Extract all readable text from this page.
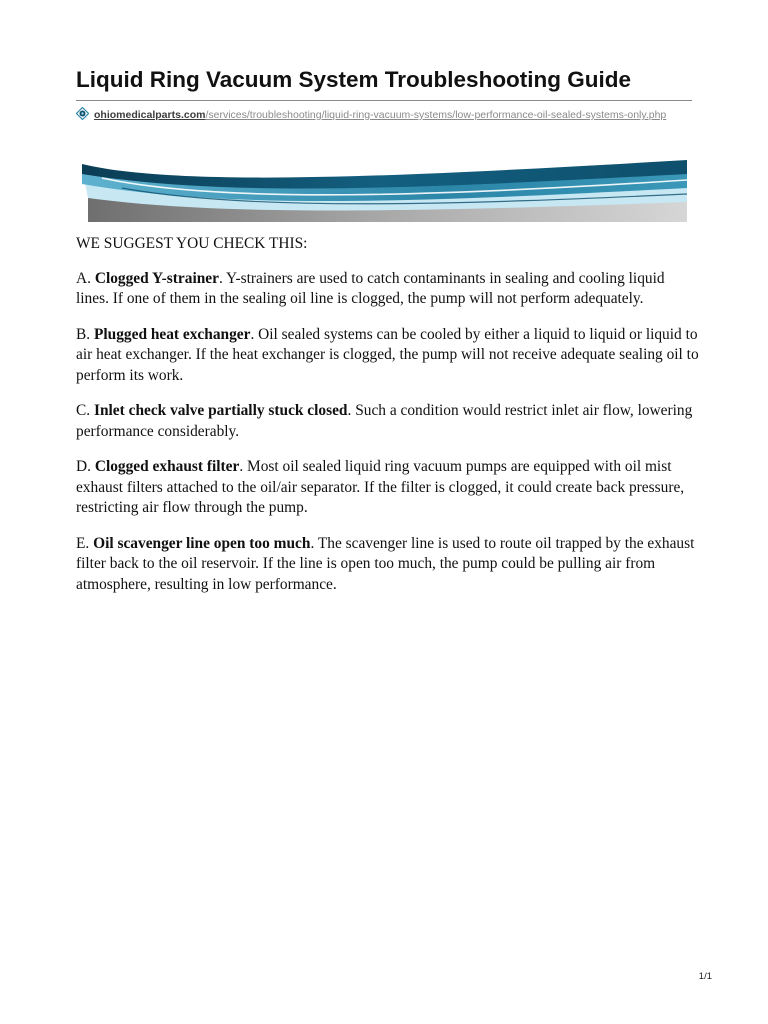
Liquid Ring Vacuum System Troubleshooting Guide
ohiomedicalparts.com/services/troubleshooting/liquid-ring-vacuum-systems/low-performance-oil-sealed-systems-only.php

WE SUGGEST YOU CHECK THIS:

A. Clogged Y-strainer. Y-strainers are used to catch contaminants in sealing and cooling liquid lines. If one of them in the sealing oil line is clogged, the pump will not perform adequately.

B. Plugged heat exchanger. Oil sealed systems can be cooled by either a liquid to liquid or liquid to air heat exchanger. If the heat exchanger is clogged, the pump will not receive adequate sealing oil to perform its work.

C. Inlet check valve partially stuck closed. Such a condition would restrict inlet air flow, lowering performance considerably.

D. Clogged exhaust filter. Most oil sealed liquid ring vacuum pumps are equipped with oil mist exhaust filters attached to the oil/air separator. If the filter is clogged, it could create back pressure, restricting air flow through the pump.

E. Oil scavenger line open too much. The scavenger line is used to route oil trapped by the exhaust filter back to the oil reservoir. If the line is open too much, the pump could be pulling air from atmosphere, resulting in low performance.

1/1
